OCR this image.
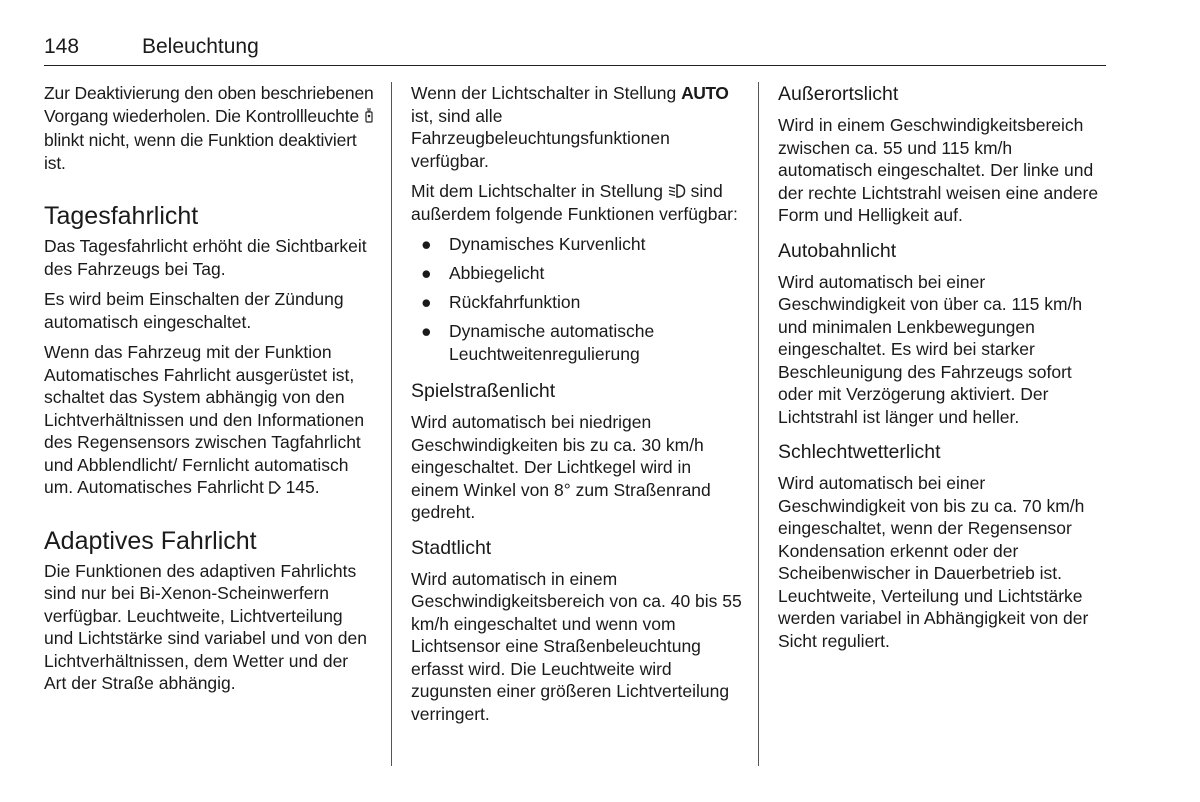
148	Beleuchtung

Zur Deaktivierung den oben beschriebenen Vorgang wiederholen. Die Kontrollleuchte  blinkt nicht, wenn die Funktion deaktiviert ist.

Tagesfahrlicht

Das Tagesfahrlicht erhöht die Sichtbarkeit des Fahrzeugs bei Tag.

Es wird beim Einschalten der Zündung automatisch eingeschaltet.

Wenn das Fahrzeug mit der Funktion Automatisches Fahrlicht ausgerüstet ist, schaltet das System abhängig von den Lichtverhältnissen und den Informationen des Regensensors zwischen Tagfahrlicht und Abblendlicht/ Fernlicht automatisch um. Automatisches Fahrlicht 145.

Adaptives Fahrlicht

Die Funktionen des adaptiven Fahrlichts sind nur bei Bi-Xenon-Scheinwerfern verfügbar. Leuchtweite, Lichtverteilung und Lichtstärke sind variabel und von den Lichtverhältnissen, dem Wetter und der Art der Straße abhängig.

Wenn der Lichtschalter in Stellung AUTO ist, sind alle Fahrzeugbeleuchtungsfunktionen verfügbar.

Mit dem Lichtschalter in Stellung sind außerdem folgende Funktionen verfügbar:

● Dynamisches Kurvenlicht
● Abbiegelicht
● Rückfahrfunktion
● Dynamische automatische Leuchtweitenregulierung
Spielstraßenlicht

Wird automatisch bei niedrigen Geschwindigkeiten bis zu ca. 30 km/h eingeschaltet. Der Lichtkegel wird in einem Winkel von 8° zum Straßenrand gedreht.

Stadtlicht

Wird automatisch in einem Geschwindigkeitsbereich von ca. 40 bis 55 km/h eingeschaltet und wenn vom Lichtsensor eine Straßenbeleuchtung erfasst wird. Die Leuchtweite wird zugunsten einer größeren Lichtverteilung verringert.

Außerortslicht

Wird in einem Geschwindigkeitsbereich zwischen ca. 55 und 115 km/h automatisch eingeschaltet. Der linke und der rechte Lichtstrahl weisen eine andere Form und Helligkeit auf.

Autobahnlicht

Wird automatisch bei einer Geschwindigkeit von über ca. 115 km/h und minimalen Lenkbewegungen eingeschaltet. Es wird bei starker Beschleunigung des Fahrzeugs sofort oder mit Verzögerung aktiviert. Der Lichtstrahl ist länger und heller.

Schlechtwetterlicht

Wird automatisch bei einer Geschwindigkeit von bis zu ca. 70 km/h eingeschaltet, wenn der Regensensor Kondensation erkennt oder der Scheibenwischer in Dauerbetrieb ist. Leuchtweite, Verteilung und Lichtstärke werden variabel in Abhängigkeit von der Sicht reguliert.
